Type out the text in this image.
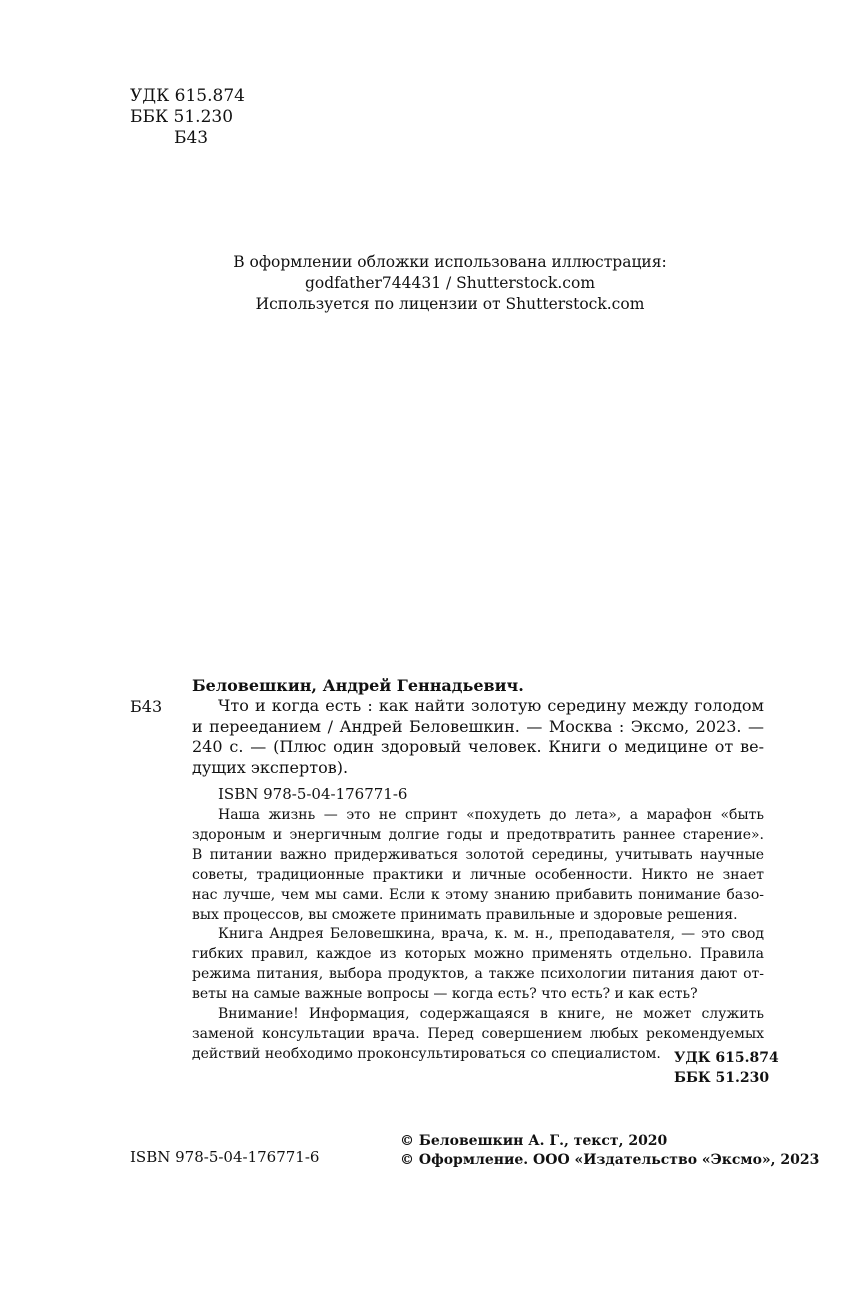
УДК 615.874
ББК 51.230
Б43
В оформлении обложки использована иллюстрация:
godfather744431 / Shutterstock.com
Используется по лицензии от Shutterstock.com
Беловешкин, Андрей Геннадьевич.
Б43	Что и когда есть : как найти золотую середину между голодом
и перееданием / Андрей Беловешкин. — Москва : Эксмо, 2023. —
240 с. — (Плюс один здоровый человек. Книги о медицине от ве-
дущих экспертов).
ISBN 978-5-04-176771-6
Наша жизнь — это не спринт «похудеть до лета», а марафон «быть
здороным и энергичным долгие годы и предотвратить раннее старение».
В питании важно придерживаться золотой середины, учитывать научные
советы, традиционные практики и личные особенности. Никто не знает
нас лучше, чем мы сами. Если к этому знанию прибавить понимание базо-
вых процессов, вы сможете принимать правильные и здоровые решения.
Книга Андрея Беловешкина, врача, к. м. н., преподавателя, — это свод
гибких правил, каждое из которых можно применять отдельно. Правила
режима питания, выбора продуктов, а также психологии питания дают от-
веты на самые важные вопросы — когда есть? что есть? и как есть?
Внимание! Информация, содержащаяся в книге, не может служить
заменой консультации врача. Перед совершением любых рекомендуемых
действий необходимо проконсультироваться со специалистом. УДК 615.874
ББК 51.230
ISBN 978-5-04-176771-6
© Беловешкин А. Г., текст, 2020
© Оформление. ООО «Издательство «Эксмо», 2023
